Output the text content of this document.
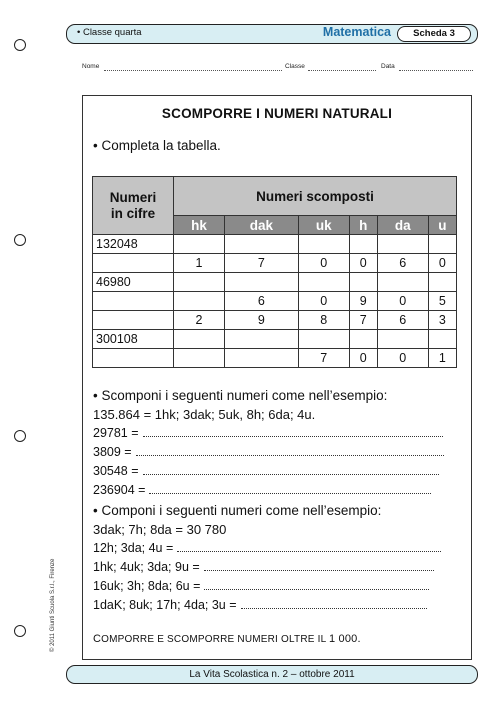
• Classe quarta	Matematica	Scheda 3
Nome	Classe	Data
SCOMPORRE I NUMERI NATURALI
• Completa la tabella.
Numeri
in cifre	Numeri scomposti					
	hk	dak	uk	h	da	u
132048						
	1	7	0	0	6	0
46980						
		6	0	9	0	5
	2	9	8	7	6	3
300108						
			7	0	0	1
• Scomponi i seguenti numeri come nell’esempio:
135.864 = 1hk; 3dak; 5uk, 8h; 6da; 4u.
29781 =
3809 =
30548 =
236904 =
• Componi i seguenti numeri come nell’esempio:
3dak; 7h; 8da = 30 780
12h; 3da; 4u =
1hk; 4uk; 3da; 9u =
16uk; 3h; 8da; 6u =
1daK; 8uk; 17h; 4da; 3u =
COMPORRE E SCOMPORRE NUMERI OLTRE IL 1 000.
© 2011 Giunti Scuola S.r.l., Firenze
La Vita Scolastica n. 2 – ottobre 2011
